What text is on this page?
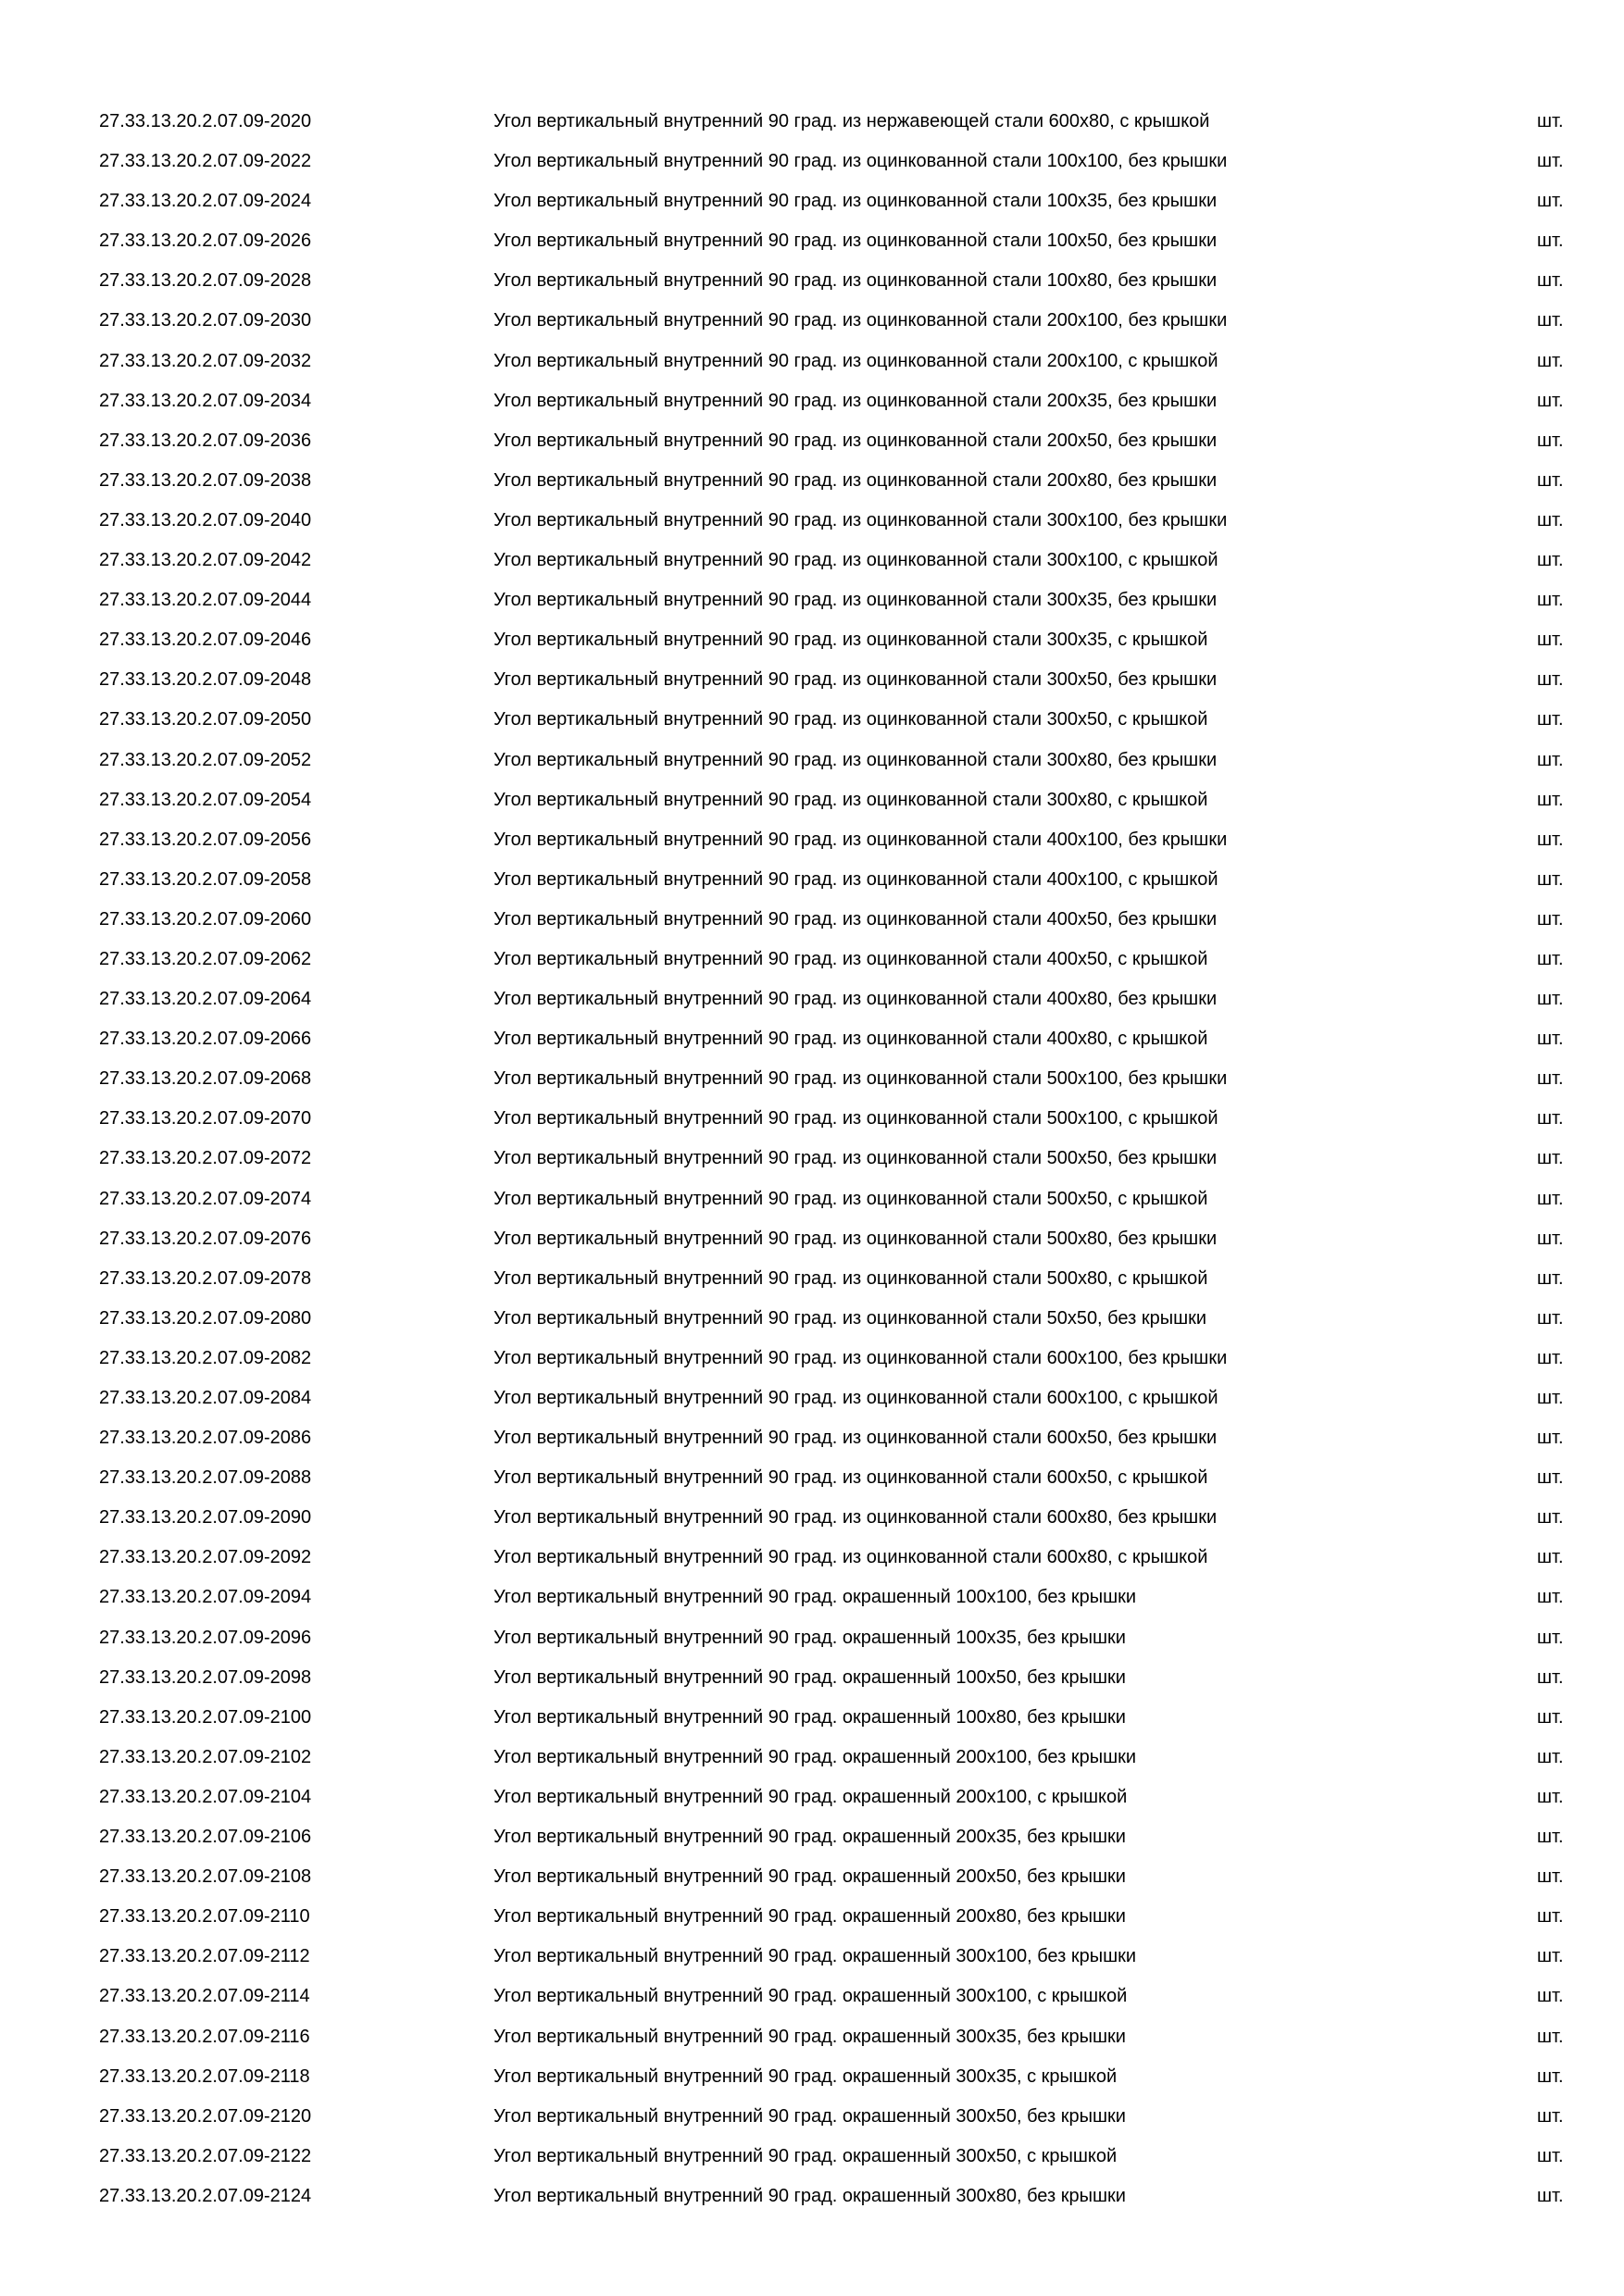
27.33.13.20.2.07.09-2020	Угол вертикальный внутренний 90 град. из нержавеющей стали 600x80, с крышкой	шт.
27.33.13.20.2.07.09-2022	Угол вертикальный внутренний 90 град. из оцинкованной стали 100x100, без крышки	шт.
27.33.13.20.2.07.09-2024	Угол вертикальный внутренний 90 град. из оцинкованной стали 100x35, без крышки	шт.
27.33.13.20.2.07.09-2026	Угол вертикальный внутренний 90 град. из оцинкованной стали 100x50, без крышки	шт.
27.33.13.20.2.07.09-2028	Угол вертикальный внутренний 90 град. из оцинкованной стали 100x80, без крышки	шт.
27.33.13.20.2.07.09-2030	Угол вертикальный внутренний 90 град. из оцинкованной стали 200x100, без крышки	шт.
27.33.13.20.2.07.09-2032	Угол вертикальный внутренний 90 град. из оцинкованной стали 200x100, с крышкой	шт.
27.33.13.20.2.07.09-2034	Угол вертикальный внутренний 90 град. из оцинкованной стали 200x35, без крышки	шт.
27.33.13.20.2.07.09-2036	Угол вертикальный внутренний 90 град. из оцинкованной стали 200x50, без крышки	шт.
27.33.13.20.2.07.09-2038	Угол вертикальный внутренний 90 град. из оцинкованной стали 200x80, без крышки	шт.
27.33.13.20.2.07.09-2040	Угол вертикальный внутренний 90 град. из оцинкованной стали 300x100, без крышки	шт.
27.33.13.20.2.07.09-2042	Угол вертикальный внутренний 90 град. из оцинкованной стали 300x100, с крышкой	шт.
27.33.13.20.2.07.09-2044	Угол вертикальный внутренний 90 град. из оцинкованной стали 300x35, без крышки	шт.
27.33.13.20.2.07.09-2046	Угол вертикальный внутренний 90 град. из оцинкованной стали 300x35, с крышкой	шт.
27.33.13.20.2.07.09-2048	Угол вертикальный внутренний 90 град. из оцинкованной стали 300x50, без крышки	шт.
27.33.13.20.2.07.09-2050	Угол вертикальный внутренний 90 град. из оцинкованной стали 300x50, с крышкой	шт.
27.33.13.20.2.07.09-2052	Угол вертикальный внутренний 90 град. из оцинкованной стали 300x80, без крышки	шт.
27.33.13.20.2.07.09-2054	Угол вертикальный внутренний 90 град. из оцинкованной стали 300x80, с крышкой	шт.
27.33.13.20.2.07.09-2056	Угол вертикальный внутренний 90 град. из оцинкованной стали 400x100, без крышки	шт.
27.33.13.20.2.07.09-2058	Угол вертикальный внутренний 90 град. из оцинкованной стали 400x100, с крышкой	шт.
27.33.13.20.2.07.09-2060	Угол вертикальный внутренний 90 град. из оцинкованной стали 400x50, без крышки	шт.
27.33.13.20.2.07.09-2062	Угол вертикальный внутренний 90 град. из оцинкованной стали 400x50, с крышкой	шт.
27.33.13.20.2.07.09-2064	Угол вертикальный внутренний 90 град. из оцинкованной стали 400x80, без крышки	шт.
27.33.13.20.2.07.09-2066	Угол вертикальный внутренний 90 град. из оцинкованной стали 400x80, с крышкой	шт.
27.33.13.20.2.07.09-2068	Угол вертикальный внутренний 90 град. из оцинкованной стали 500x100, без крышки	шт.
27.33.13.20.2.07.09-2070	Угол вертикальный внутренний 90 град. из оцинкованной стали 500x100, с крышкой	шт.
27.33.13.20.2.07.09-2072	Угол вертикальный внутренний 90 град. из оцинкованной стали 500x50, без крышки	шт.
27.33.13.20.2.07.09-2074	Угол вертикальный внутренний 90 град. из оцинкованной стали 500x50, с крышкой	шт.
27.33.13.20.2.07.09-2076	Угол вертикальный внутренний 90 град. из оцинкованной стали 500x80, без крышки	шт.
27.33.13.20.2.07.09-2078	Угол вертикальный внутренний 90 град. из оцинкованной стали 500x80, с крышкой	шт.
27.33.13.20.2.07.09-2080	Угол вертикальный внутренний 90 град. из оцинкованной стали 50x50, без крышки	шт.
27.33.13.20.2.07.09-2082	Угол вертикальный внутренний 90 град. из оцинкованной стали 600x100, без крышки	шт.
27.33.13.20.2.07.09-2084	Угол вертикальный внутренний 90 град. из оцинкованной стали 600x100, с крышкой	шт.
27.33.13.20.2.07.09-2086	Угол вертикальный внутренний 90 град. из оцинкованной стали 600x50, без крышки	шт.
27.33.13.20.2.07.09-2088	Угол вертикальный внутренний 90 град. из оцинкованной стали 600x50, с крышкой	шт.
27.33.13.20.2.07.09-2090	Угол вертикальный внутренний 90 град. из оцинкованной стали 600x80, без крышки	шт.
27.33.13.20.2.07.09-2092	Угол вертикальный внутренний 90 град. из оцинкованной стали 600x80, с крышкой	шт.
27.33.13.20.2.07.09-2094	Угол вертикальный внутренний 90 град. окрашенный 100x100, без крышки	шт.
27.33.13.20.2.07.09-2096	Угол вертикальный внутренний 90 град. окрашенный 100x35, без крышки	шт.
27.33.13.20.2.07.09-2098	Угол вертикальный внутренний 90 град. окрашенный 100x50, без крышки	шт.
27.33.13.20.2.07.09-2100	Угол вертикальный внутренний 90 град. окрашенный 100x80, без крышки	шт.
27.33.13.20.2.07.09-2102	Угол вертикальный внутренний 90 град. окрашенный 200x100, без крышки	шт.
27.33.13.20.2.07.09-2104	Угол вертикальный внутренний 90 град. окрашенный 200x100, с крышкой	шт.
27.33.13.20.2.07.09-2106	Угол вертикальный внутренний 90 град. окрашенный 200x35, без крышки	шт.
27.33.13.20.2.07.09-2108	Угол вертикальный внутренний 90 град. окрашенный 200x50, без крышки	шт.
27.33.13.20.2.07.09-2110	Угол вертикальный внутренний 90 град. окрашенный 200x80, без крышки	шт.
27.33.13.20.2.07.09-2112	Угол вертикальный внутренний 90 град. окрашенный 300x100, без крышки	шт.
27.33.13.20.2.07.09-2114	Угол вертикальный внутренний 90 град. окрашенный 300x100, с крышкой	шт.
27.33.13.20.2.07.09-2116	Угол вертикальный внутренний 90 град. окрашенный 300x35, без крышки	шт.
27.33.13.20.2.07.09-2118	Угол вертикальный внутренний 90 град. окрашенный 300x35, с крышкой	шт.
27.33.13.20.2.07.09-2120	Угол вертикальный внутренний 90 град. окрашенный 300x50, без крышки	шт.
27.33.13.20.2.07.09-2122	Угол вертикальный внутренний 90 град. окрашенный 300x50, с крышкой	шт.
27.33.13.20.2.07.09-2124	Угол вертикальный внутренний 90 град. окрашенный 300x80, без крышки	шт.
